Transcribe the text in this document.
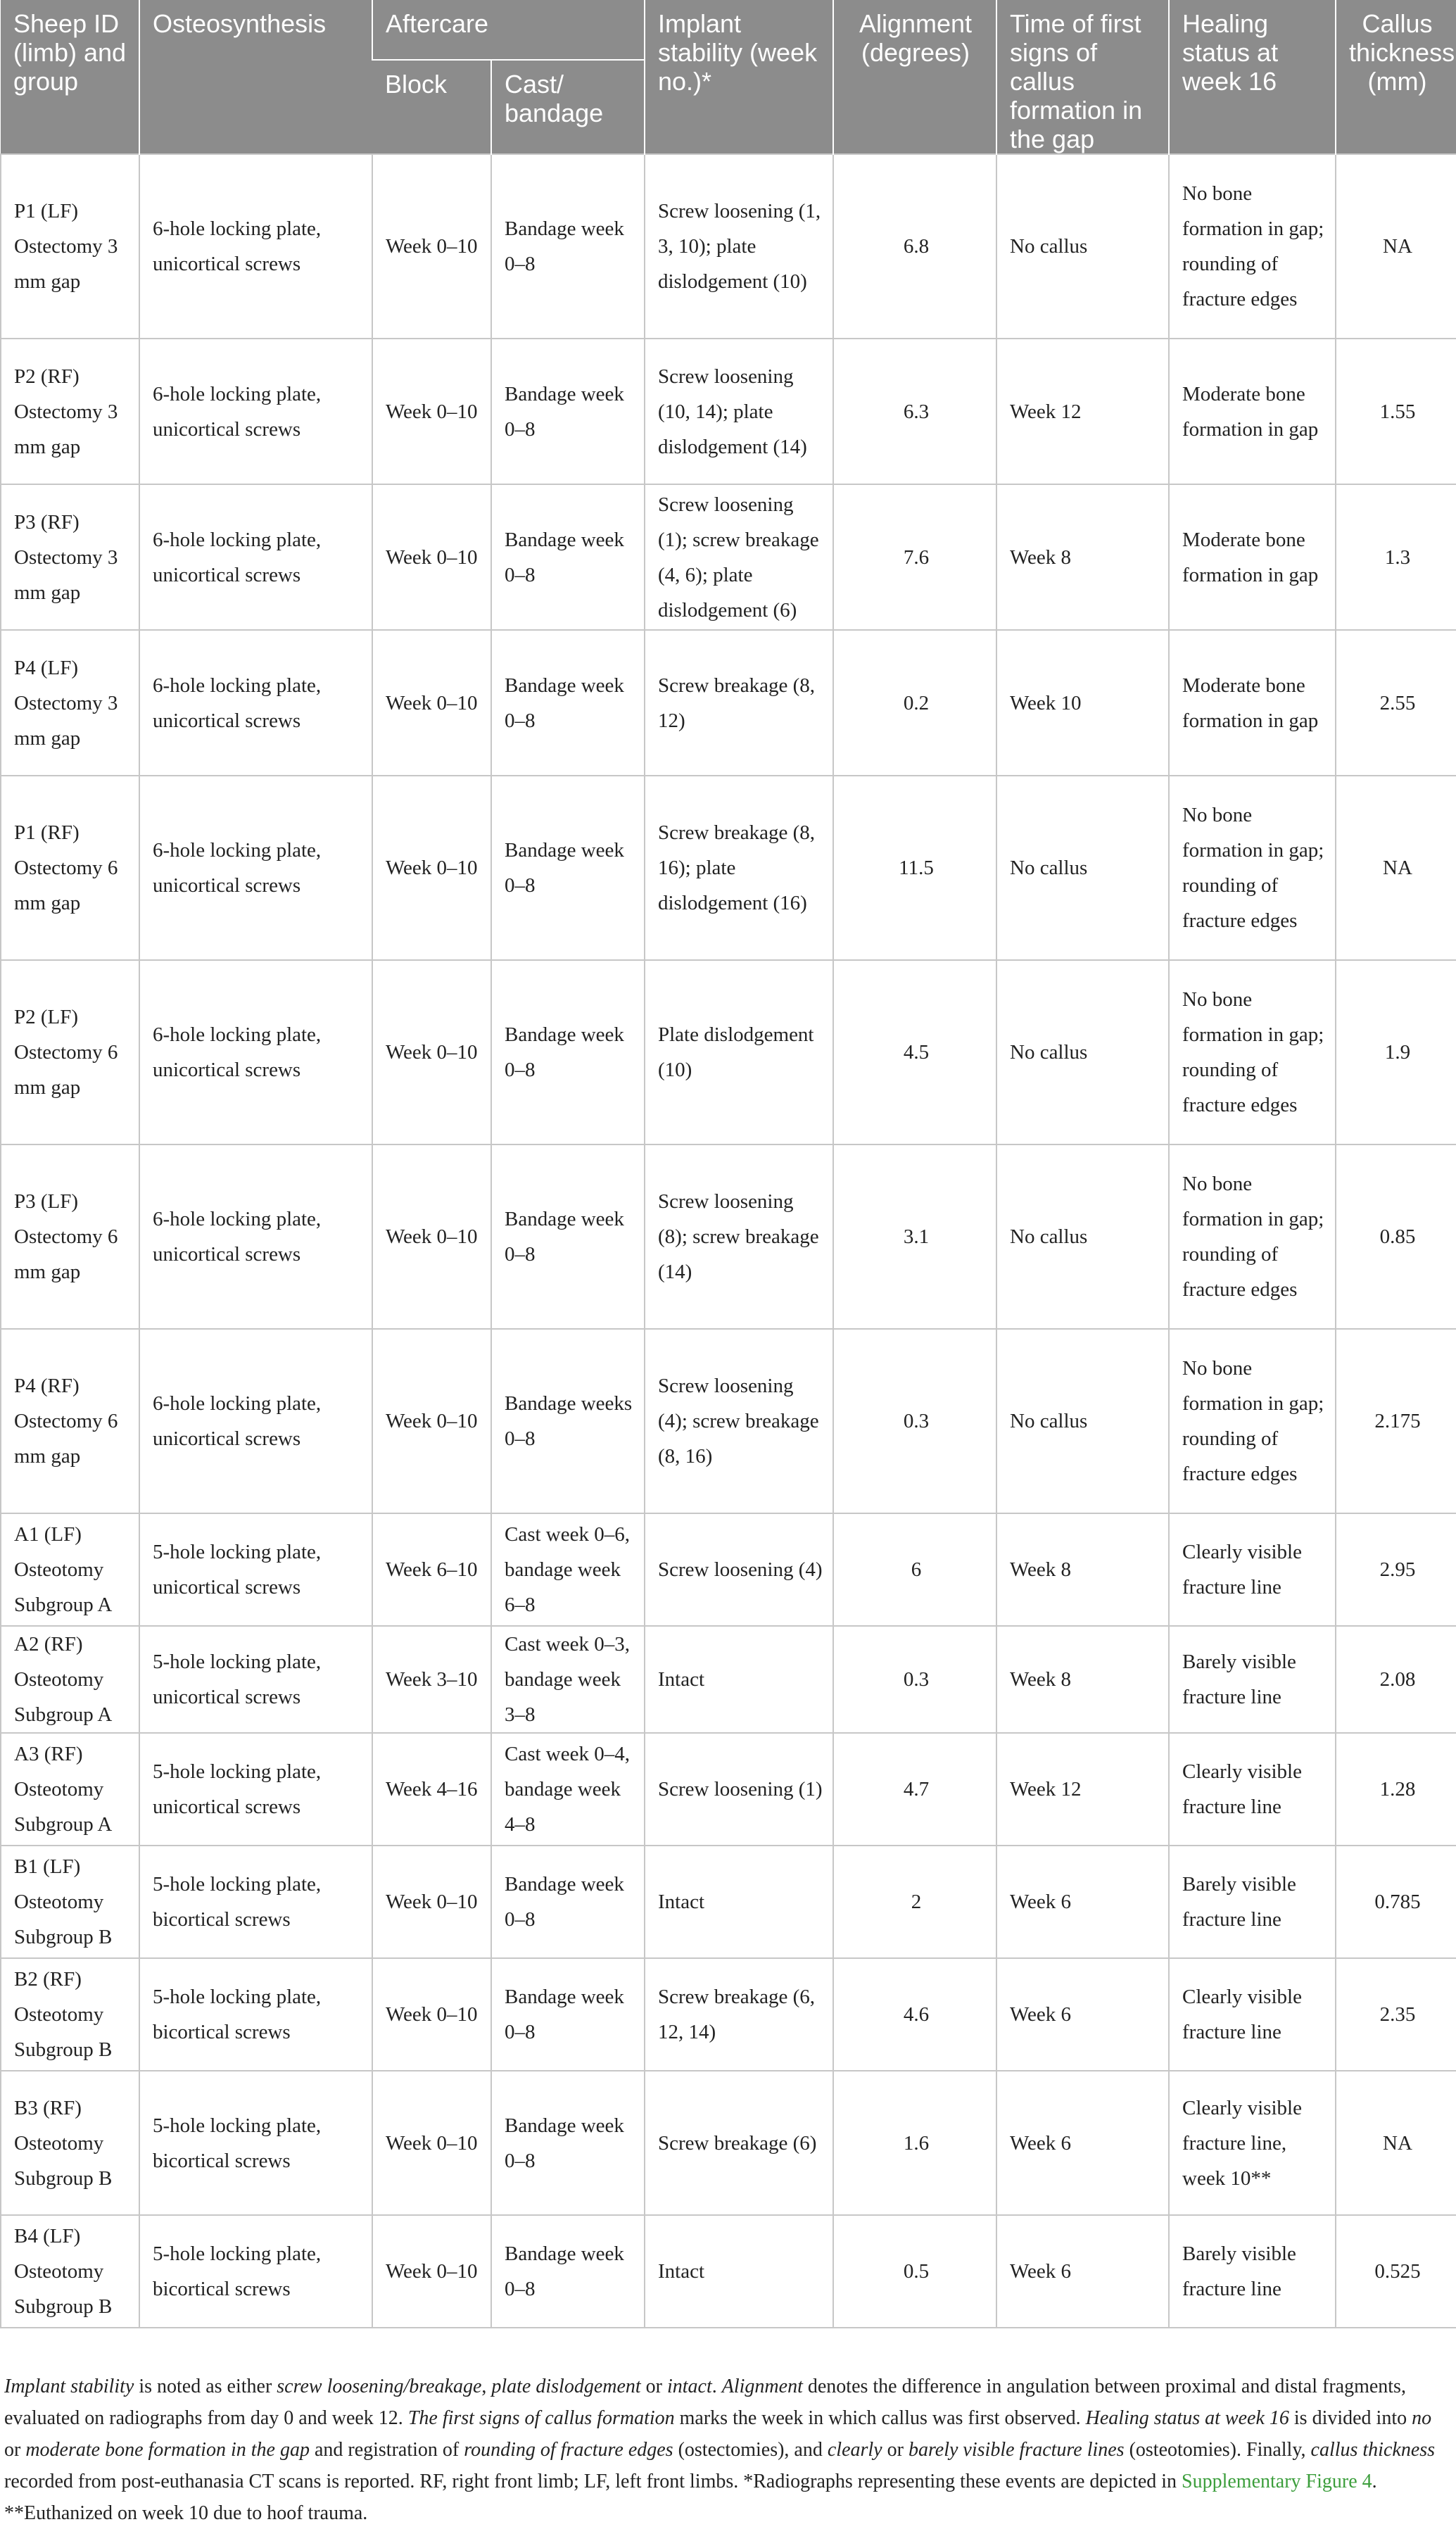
Sheep ID (limb) and group	Osteosynthesis	Aftercare		Implant stability (week no.)*	Alignment (degrees)	Time of first signs of callus formation in the gap	Healing status at week 16	Callus thickness (mm)
		Block	Cast/ bandage					
P1 (LF) Ostectomy 3 mm gap	6-hole locking plate, unicortical screws	Week 0–10	Bandage week 0–8	Screw loosening (1, 3, 10); plate dislodgement (10)	6.8	No callus	No bone formation in gap; rounding of fracture edges	NA
P2 (RF) Ostectomy 3 mm gap	6-hole locking plate, unicortical screws	Week 0–10	Bandage week 0–8	Screw loosening (10, 14); plate dislodgement (14)	6.3	Week 12	Moderate bone formation in gap	1.55
P3 (RF) Ostectomy 3 mm gap	6-hole locking plate, unicortical screws	Week 0–10	Bandage week 0–8	Screw loosening (1); screw breakage (4, 6); plate dislodgement (6)	7.6	Week 8	Moderate bone formation in gap	1.3
P4 (LF) Ostectomy 3 mm gap	6-hole locking plate, unicortical screws	Week 0–10	Bandage week 0–8	Screw breakage (8, 12)	0.2	Week 10	Moderate bone formation in gap	2.55
P1 (RF) Ostectomy 6 mm gap	6-hole locking plate, unicortical screws	Week 0–10	Bandage week 0–8	Screw breakage (8, 16); plate dislodgement (16)	11.5	No callus	No bone formation in gap; rounding of fracture edges	NA
P2 (LF) Ostectomy 6 mm gap	6-hole locking plate, unicortical screws	Week 0–10	Bandage week 0–8	Plate dislodgement (10)	4.5	No callus	No bone formation in gap; rounding of fracture edges	1.9
P3 (LF) Ostectomy 6 mm gap	6-hole locking plate, unicortical screws	Week 0–10	Bandage week 0–8	Screw loosening (8); screw breakage (14)	3.1	No callus	No bone formation in gap; rounding of fracture edges	0.85
P4 (RF) Ostectomy 6 mm gap	6-hole locking plate, unicortical screws	Week 0–10	Bandage weeks 0–8	Screw loosening (4); screw breakage (8, 16)	0.3	No callus	No bone formation in gap; rounding of fracture edges	2.175
A1 (LF) Osteotomy Subgroup A	5-hole locking plate, unicortical screws	Week 6–10	Cast week 0–6, bandage week 6–8	Screw loosening (4)	6	Week 8	Clearly visible fracture line	2.95
A2 (RF) Osteotomy Subgroup A	5-hole locking plate, unicortical screws	Week 3–10	Cast week 0–3, bandage week 3–8	Intact	0.3	Week 8	Barely visible fracture line	2.08
A3 (RF) Osteotomy Subgroup A	5-hole locking plate, unicortical screws	Week 4–16	Cast week 0–4, bandage week 4–8	Screw loosening (1)	4.7	Week 12	Clearly visible fracture line	1.28
B1 (LF) Osteotomy Subgroup B	5-hole locking plate, bicortical screws	Week 0–10	Bandage week 0–8	Intact	2	Week 6	Barely visible fracture line	0.785
B2 (RF) Osteotomy Subgroup B	5-hole locking plate, bicortical screws	Week 0–10	Bandage week 0–8	Screw breakage (6, 12, 14)	4.6	Week 6	Clearly visible fracture line	2.35
B3 (RF) Osteotomy Subgroup B	5-hole locking plate, bicortical screws	Week 0–10	Bandage week 0–8	Screw breakage (6)	1.6	Week 6	Clearly visible fracture line, week 10**	NA
B4 (LF) Osteotomy Subgroup B	5-hole locking plate, bicortical screws	Week 0–10	Bandage week 0–8	Intact	0.5	Week 6	Barely visible fracture line	0.525
Implant stability is noted as either screw loosening/breakage, plate dislodgement or intact. Alignment denotes the difference in angulation between proximal and distal fragments, evaluated on radiographs from day 0 and week 12. The first signs of callus formation marks the week in which callus was first observed. Healing status at week 16 is divided into no or moderate bone formation in the gap and registration of rounding of fracture edges (ostectomies), and clearly or barely visible fracture lines (osteotomies). Finally, callus thickness recorded from post-euthanasia CT scans is reported. RF, right front limb; LF, left front limbs. *Radiographs representing these events are depicted in Supplementary Figure 4. **Euthanized on week 10 due to hoof trauma.
